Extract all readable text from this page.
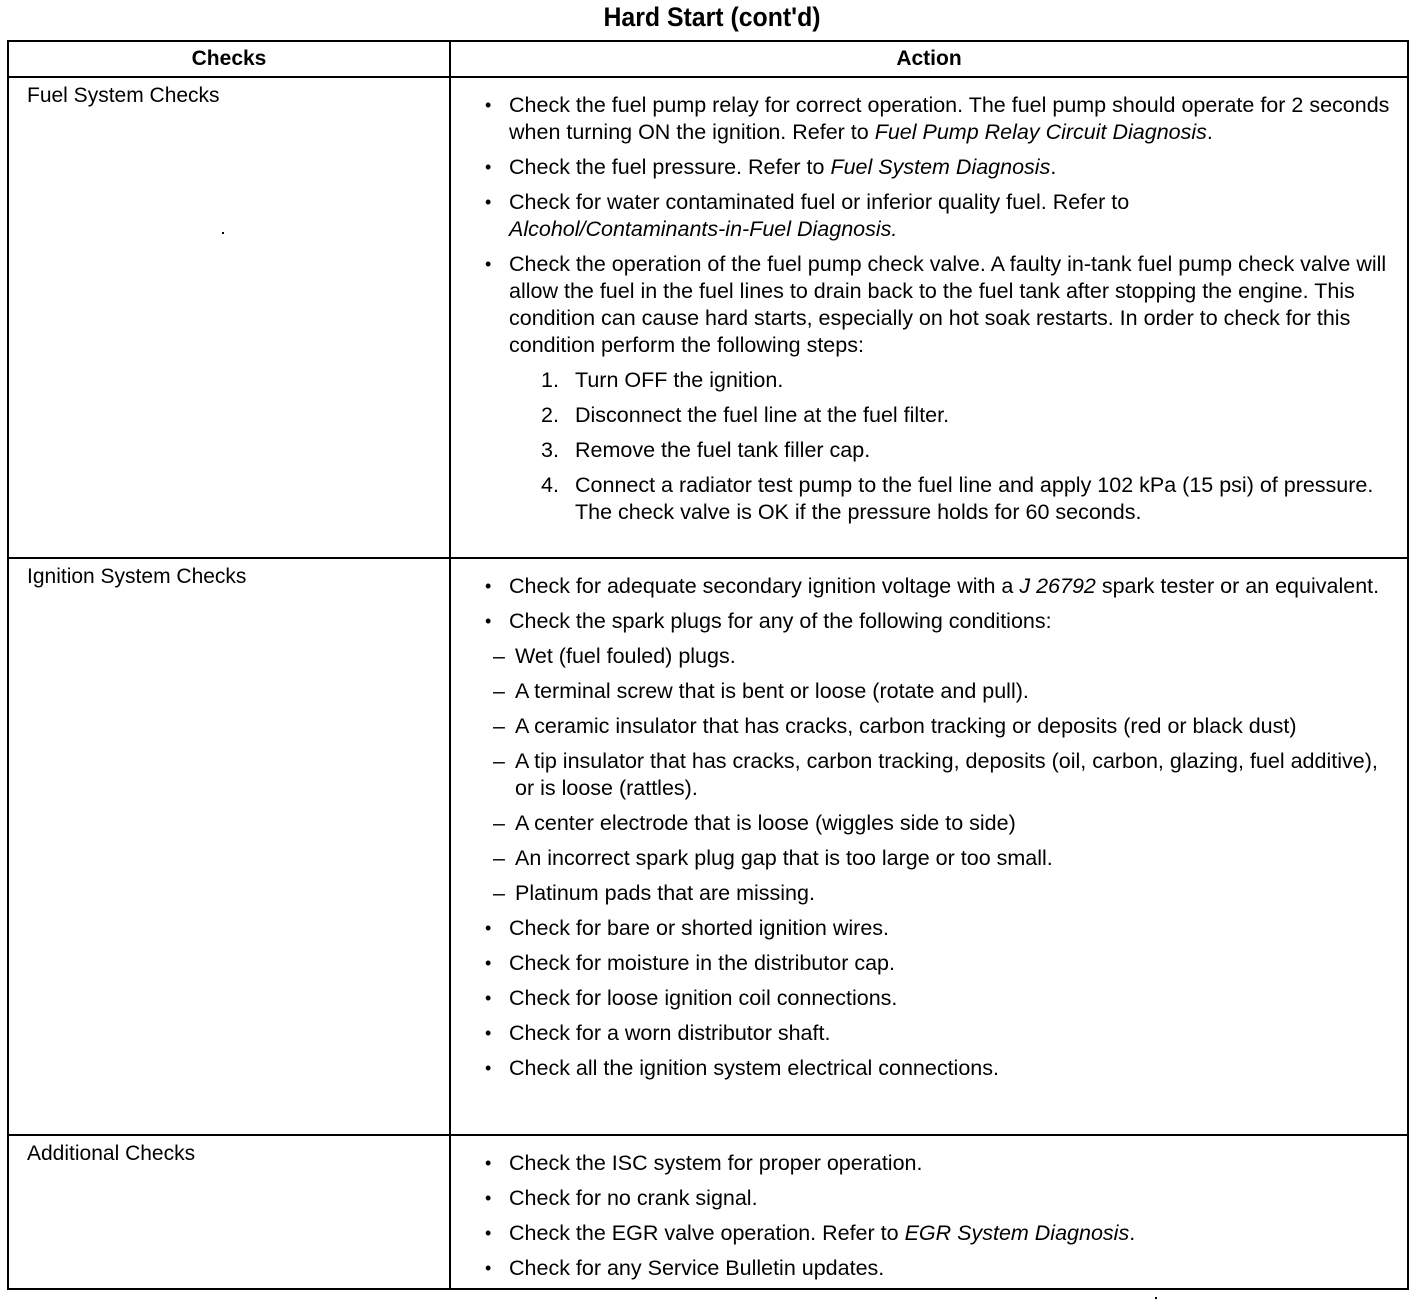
Hard Start (cont'd)
Checks	Action
Fuel System Checks	• Check the fuel pump relay for correct operation. The fuel pump should operate for 2 seconds when turning ON the ignition. Refer to Fuel Pump Relay Circuit Diagnosis.
• Check the fuel pressure. Refer to Fuel System Diagnosis.
• Check for water contaminated fuel or inferior quality fuel. Refer to
Alcohol/Contaminants-in-Fuel Diagnosis.
• Check the operation of the fuel pump check valve. A faulty in-tank fuel pump check valve will allow the fuel in the fuel lines to drain back to the fuel tank after stopping the engine. This condition can cause hard starts, especially on hot soak restarts. In order to check for this condition perform the following steps:
1. Turn OFF the ignition.
2. Disconnect the fuel line at the fuel filter.
3. Remove the fuel tank filler cap.
4. Connect a radiator test pump to the fuel line and apply 102 kPa (15 psi) of pressure. The check valve is OK if the pressure holds for 60 seconds.

Ignition System Checks	• Check for adequate secondary ignition voltage with a J 26792 spark tester or an equivalent.
• Check the spark plugs for any of the following conditions:
– Wet (fuel fouled) plugs.
– A terminal screw that is bent or loose (rotate and pull).
– A ceramic insulator that has cracks, carbon tracking or deposits (red or black dust)
– A tip insulator that has cracks, carbon tracking, deposits (oil, carbon, glazing, fuel additive), or is loose (rattles).
– A center electrode that is loose (wiggles side to side)
– An incorrect spark plug gap that is too large or too small.
– Platinum pads that are missing.
• Check for bare or shorted ignition wires.
• Check for moisture in the distributor cap.
• Check for loose ignition coil connections.
• Check for a worn distributor shaft.
• Check all the ignition system electrical connections.

Additional Checks	• Check the ISC system for proper operation.
• Check for no crank signal.
• Check the EGR valve operation. Refer to EGR System Diagnosis.
• Check for any Service Bulletin updates.
